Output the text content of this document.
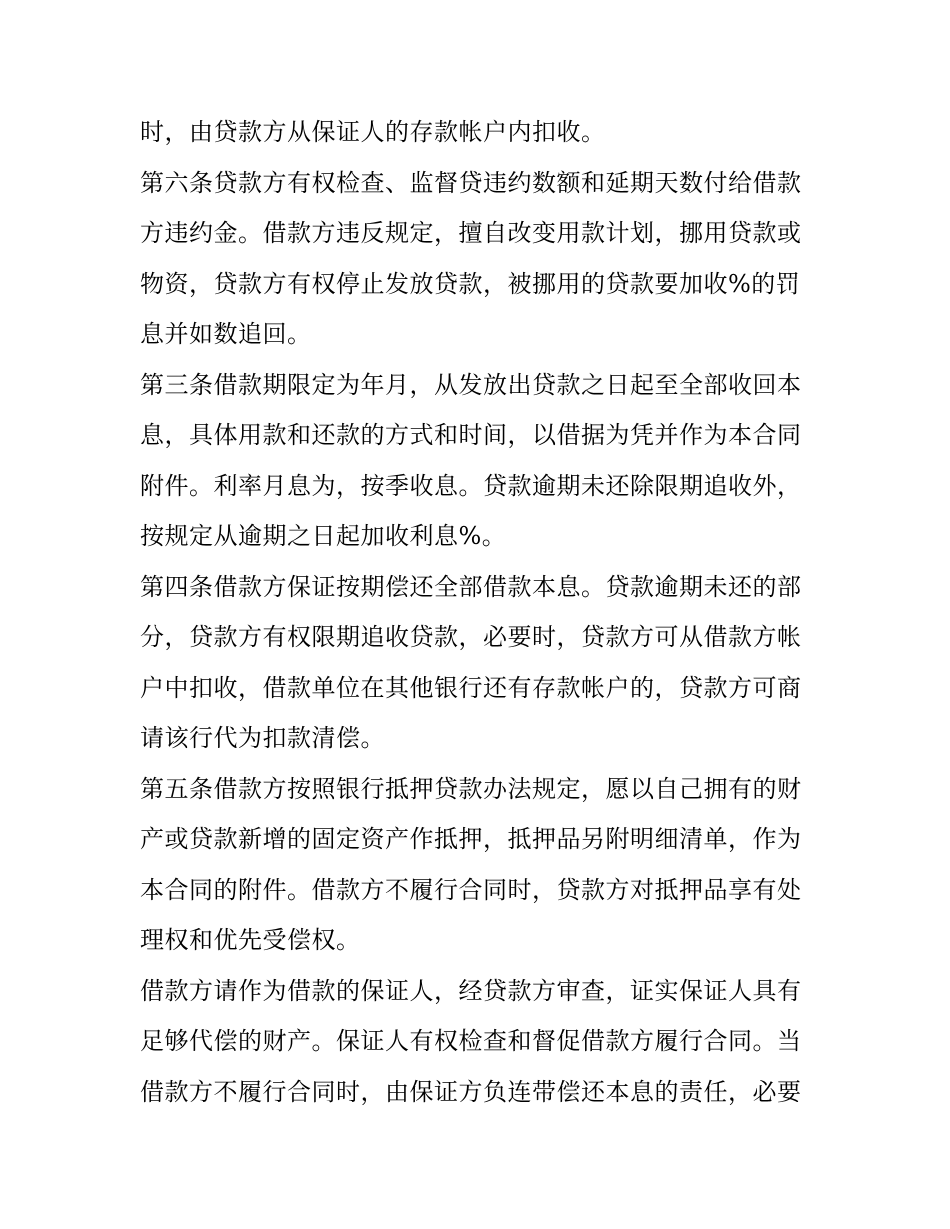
时，由贷款方从保证人的存款帐户内扣收。
第六条贷款方有权检查、监督贷违约数额和延期天数付给借款
方违约金。借款方违反规定，擅自改变用款计划，挪用贷款或
物资，贷款方有权停止发放贷款，被挪用的贷款要加收%的罚
息并如数追回。
第三条借款期限定为年月，从发放出贷款之日起至全部收回本
息，具体用款和还款的方式和时间，以借据为凭并作为本合同
附件。利率月息为，按季收息。贷款逾期未还除限期追收外，
按规定从逾期之日起加收利息%。
第四条借款方保证按期偿还全部借款本息。贷款逾期未还的部
分，贷款方有权限期追收贷款，必要时，贷款方可从借款方帐
户中扣收，借款单位在其他银行还有存款帐户的，贷款方可商
请该行代为扣款清偿。
第五条借款方按照银行抵押贷款办法规定，愿以自己拥有的财
产或贷款新增的固定资产作抵押，抵押品另附明细清单，作为
本合同的附件。借款方不履行合同时，贷款方对抵押品享有处
理权和优先受偿权。
借款方请作为借款的保证人，经贷款方审查，证实保证人具有
足够代偿的财产。保证人有权检查和督促借款方履行合同。当
借款方不履行合同时，由保证方负连带偿还本息的责任，必要
